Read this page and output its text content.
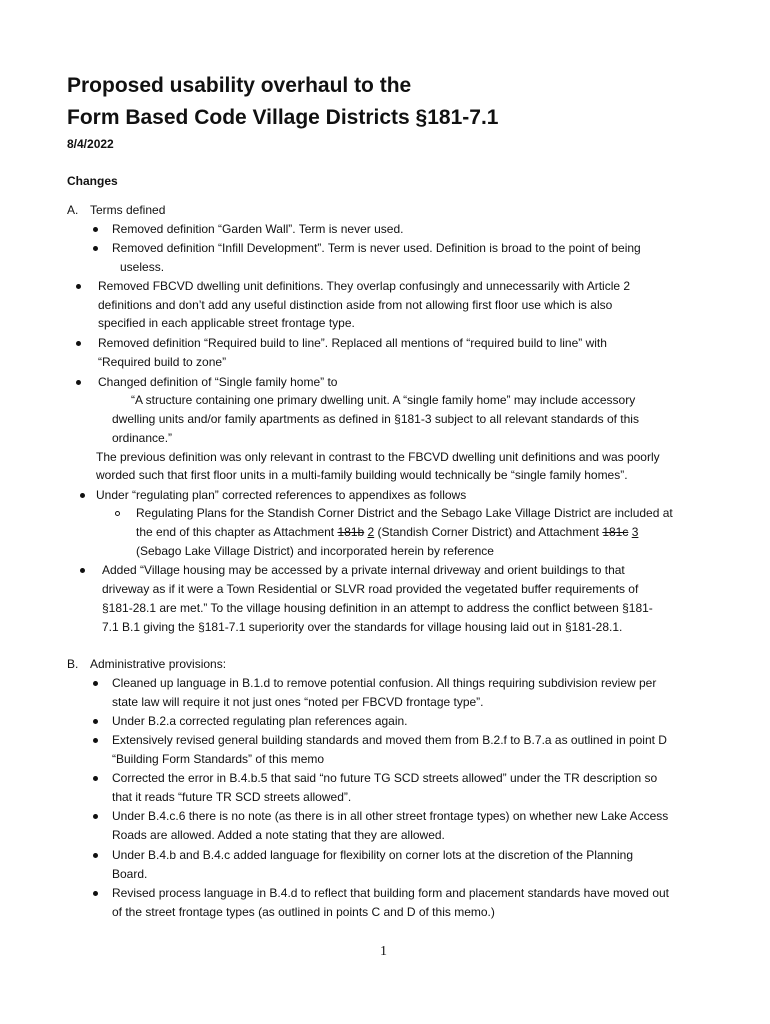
Proposed usability overhaul to the
Form Based Code Village Districts §181-7.1
8/4/2022
Changes
A. Terms defined
Removed definition “Garden Wall”. Term is never used.
Removed definition “Infill Development”. Term is never used. Definition is broad to the point of being
useless.
Removed FBCVD dwelling unit definitions. They overlap confusingly and unnecessarily with Article 2
definitions and don’t add any useful distinction aside from not allowing first floor use which is also
specified in each applicable street frontage type.
Removed definition “Required build to line”. Replaced all mentions of “required build to line” with
“Required build to zone”
Changed definition of “Single family home” to
“A structure containing one primary dwelling unit. A “single family home” may include accessory
dwelling units and/or family apartments as defined in §181-3 subject to all relevant standards of this
ordinance.”
The previous definition was only relevant in contrast to the FBCVD dwelling unit definitions and was poorly
worded such that first floor units in a multi-family building would technically be “single family homes”.
Under “regulating plan” corrected references to appendixes as follows
Regulating Plans for the Standish Corner District and the Sebago Lake Village District are included at
the end of this chapter as Attachment 181b 2 (Standish Corner District) and Attachment 181c 3
(Sebago Lake Village District) and incorporated herein by reference
Added “Village housing may be accessed by a private internal driveway and orient buildings to that
driveway as if it were a Town Residential or SLVR road provided the vegetated buffer requirements of
§181-28.1 are met.” To the village housing definition in an attempt to address the conflict between §181-
7.1 B.1 giving the §181-7.1 superiority over the standards for village housing laid out in §181-28.1.
B. Administrative provisions:
Cleaned up language in B.1.d to remove potential confusion. All things requiring subdivision review per
state law will require it not just ones “noted per FBCVD frontage type”.
Under B.2.a corrected regulating plan references again.
Extensively revised general building standards and moved them from B.2.f to B.7.a as outlined in point D
“Building Form Standards” of this memo
Corrected the error in B.4.b.5 that said “no future TG SCD streets allowed” under the TR description so
that it reads “future TR SCD streets allowed”.
Under B.4.c.6 there is no note (as there is in all other street frontage types) on whether new Lake Access
Roads are allowed. Added a note stating that they are allowed.
Under B.4.b and B.4.c added language for flexibility on corner lots at the discretion of the Planning
Board.
Revised process language in B.4.d to reflect that building form and placement standards have moved out
of the street frontage types (as outlined in points C and D of this memo.)
1
